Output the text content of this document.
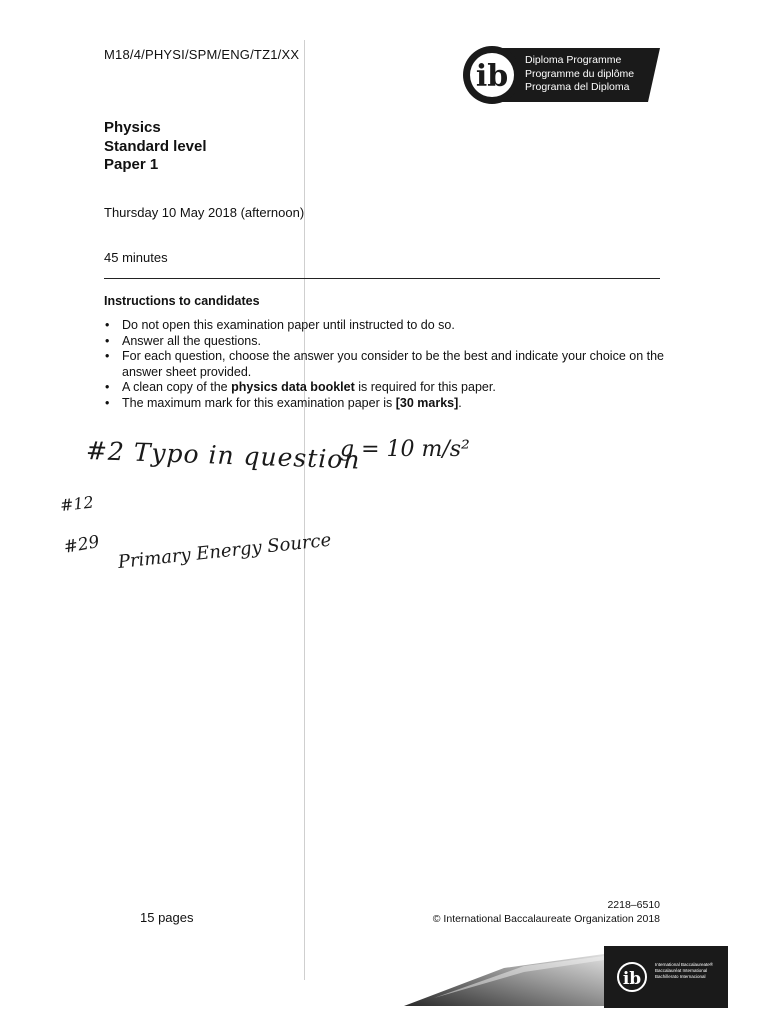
M18/4/PHYSI/SPM/ENG/TZ1/XX
ib Diploma Programme
Programme du diplôme
Programa del Diploma
Physics
Standard level
Paper 1
Thursday 10 May 2018 (afternoon)
45 minutes
Instructions to candidates
• Do not open this examination paper until instructed to do so.
• Answer all the questions.
• For each question, choose the answer you consider to be the best and indicate your choice on the answer sheet provided.
• A clean copy of the physics data booklet is required for this paper.
• The maximum mark for this examination paper is [30 marks].
#2 Typo in question
g = 10 m/s²
#12
#29 Primary Energy Source
15 pages
2218–6510
© International Baccalaureate Organization 2018
ib
International Baccalaureate®
Baccalauréat International
Bachillerato Internacional
